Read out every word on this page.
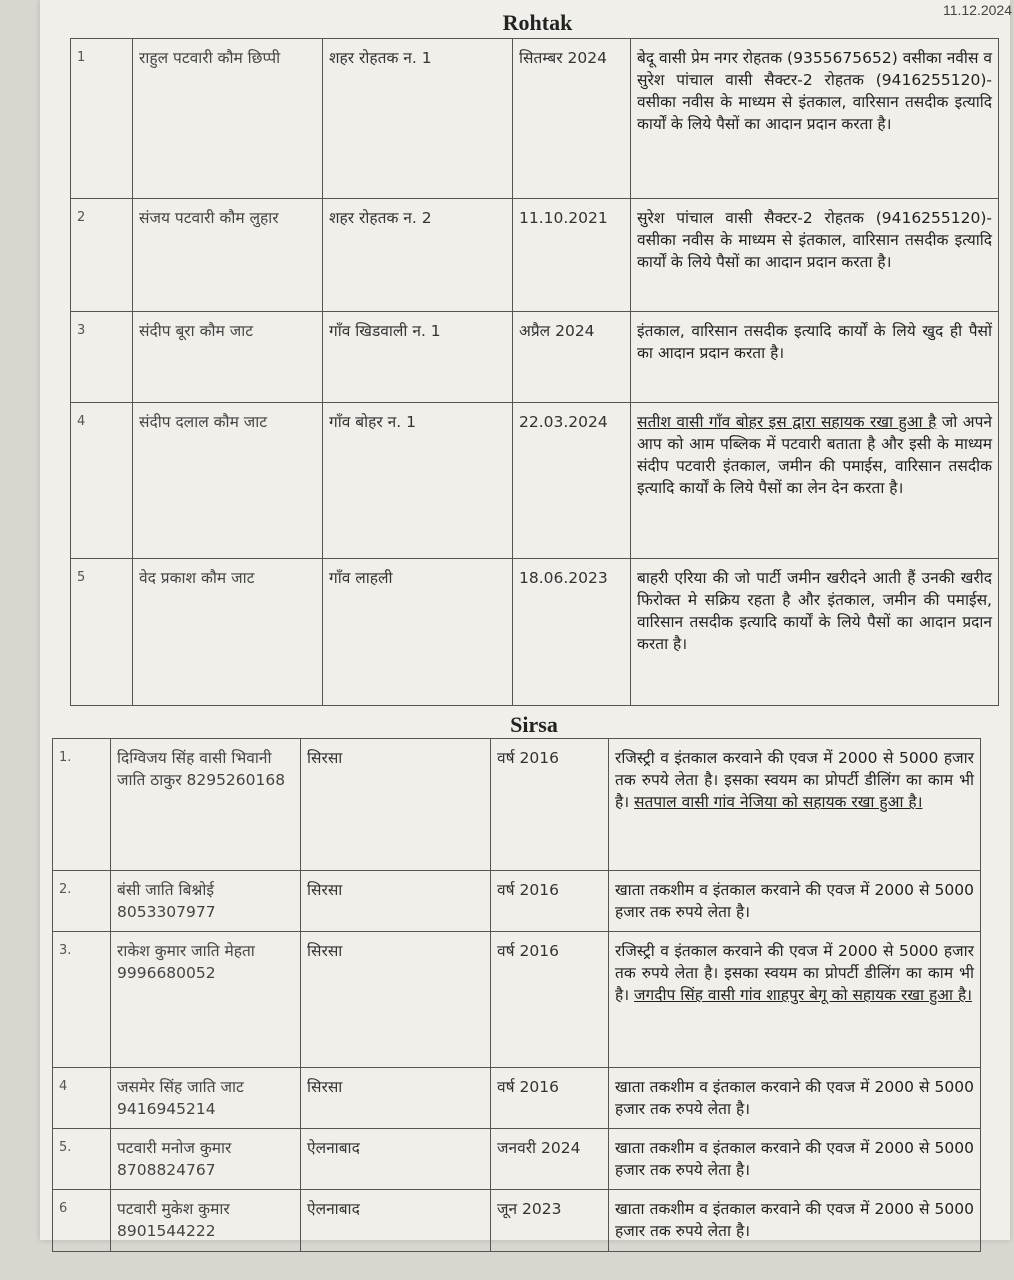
11.12.2024
Rohtak
1	राहुल पटवारी कौम छिप्पी	शहर रोहतक न. 1	सितम्बर 2024	बेदू वासी प्रेम नगर रोहतक (9355675652) वसीका नवीस व सुरेश पांचाल वासी सैक्टर-2 रोहतक (9416255120)-वसीका नवीस के माध्यम से इंतकाल, वारिसान तसदीक इत्यादि कार्यों के लिये पैसों का आदान प्रदान करता है।
2	संजय पटवारी कौम लुहार	शहर रोहतक न. 2	11.10.2021	सुरेश पांचाल वासी सैक्टर-2 रोहतक (9416255120)-वसीका नवीस के माध्यम से इंतकाल, वारिसान तसदीक इत्यादि कार्यों के लिये पैसों का आदान प्रदान करता है।
3	संदीप बूरा कौम जाट	गाँव खिडवाली न. 1	अप्रैल 2024	इंतकाल, वारिसान तसदीक इत्यादि कार्यों के लिये खुद ही पैसों का आदान प्रदान करता है।
4	संदीप दलाल कौम जाट	गाँव बोहर न. 1	22.03.2024	सतीश वासी गाँव बोहर इस द्वारा सहायक रखा हुआ है जो अपने आप को आम पब्लिक में पटवारी बताता है और इसी के माध्यम संदीप पटवारी इंतकाल, जमीन की पमाईस, वारिसान तसदीक इत्यादि कार्यों के लिये पैसों का लेन देन करता है।
5	वेद प्रकाश कौम जाट	गाँव लाहली	18.06.2023	बाहरी एरिया की जो पार्टी जमीन खरीदने आती हैं उनकी खरीद फिरोक्त मे सक्रिय रहता है और इंतकाल, जमीन की पमाईस, वारिसान तसदीक इत्यादि कार्यों के लिये पैसों का आदान प्रदान करता है।
Sirsa
1.	दिग्विजय सिंह वासी भिवानी जाति ठाकुर 8295260168	सिरसा	वर्ष 2016	रजिस्ट्री व इंतकाल करवाने की एवज में 2000 से 5000 हजार तक रुपये लेता है। इसका स्वयम का प्रोपर्टी डीलिंग का काम भी है। सतपाल वासी गांव नेजिया को सहायक रखा हुआ है।
2.	बंसी जाति बिश्नोई 8053307977	सिरसा	वर्ष 2016	खाता तकशीम व इंतकाल करवाने की एवज में 2000 से 5000 हजार तक रुपये लेता है।
3.	राकेश कुमार जाति मेहता 9996680052	सिरसा	वर्ष 2016	रजिस्ट्री व इंतकाल करवाने की एवज में 2000 से 5000 हजार तक रुपये लेता है। इसका स्वयम का प्रोपर्टी डीलिंग का काम भी है। जगदीप सिंह वासी गांव शाहपुर बेगू को सहायक रखा हुआ है।
4	जसमेर सिंह जाति जाट 9416945214	सिरसा	वर्ष 2016	खाता तकशीम व इंतकाल करवाने की एवज में 2000 से 5000 हजार तक रुपये लेता है।
5.	पटवारी मनोज कुमार 8708824767	ऐलनाबाद	जनवरी 2024	खाता तकशीम व इंतकाल करवाने की एवज में 2000 से 5000 हजार तक रुपये लेता है।
6	पटवारी मुकेश कुमार 8901544222	ऐलनाबाद	जून 2023	खाता तकशीम व इंतकाल करवाने की एवज में 2000 से 5000 हजार तक रुपये लेता है।
